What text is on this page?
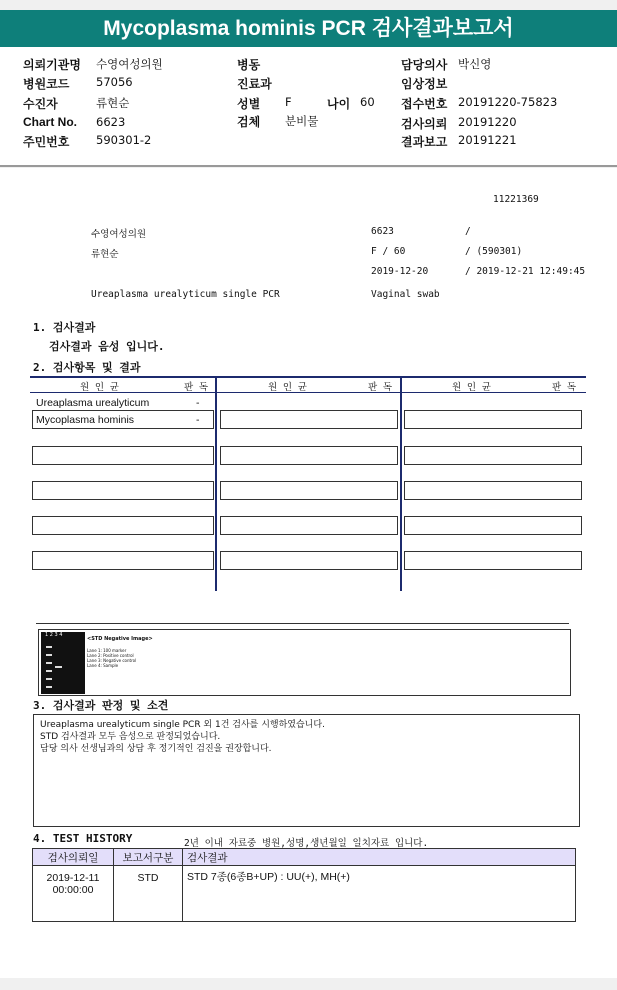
Mycoplasma hominis PCR 검사결과보고서
의뢰기관명 수영여성의원
병원코드 57056
수진자	류현순
Chart No. 6623
주민번호 590301-2
병동
진료과
성별 F	나이 60
검체 분비물
담당의사 박신영
임상정보
접수번호 20191220-75823
검사의뢰 20191220
결과보고 20191221
11221369
수영여성의원	6623	/
류현순	F / 60	/ (590301)
2019-12-20	/ 2019-12-21 12:49:45
Ureaplasma urealyticum single PCR	Vaginal swab
1. 검사결과
검사결과 음성 입니다.
2. 검사항목 및 결과
원 인 균	판 독	원 인 균	판 독	원 인 균	판 독
Ureaplasma urealyticum	-
Mycoplasma hominis	-
1 2 3 4
<STD Negative Image>
Lane 1: 100 marker
Lane 2: Positive control
Lane 3: Negative control
Lane 4: Sample
3. 검사결과 판정 및 소견
Ureaplasma urealyticum single PCR 외 1건 검사를 시행하였습니다.
STD 검사결과 모두 음성으로 판정되었습니다.
담당 의사 선생님과의 상담 후 정기적인 검진을 권장합니다.
4. TEST HISTORY	2년 이내 자료중 병원,성명,생년월일 일치자료 입니다.
검사의뢰일	보고서구분	검사결과

2019-12-11
00:00:00	STD	STD 7종(6종B+UP) : UU(+), MH(+)
